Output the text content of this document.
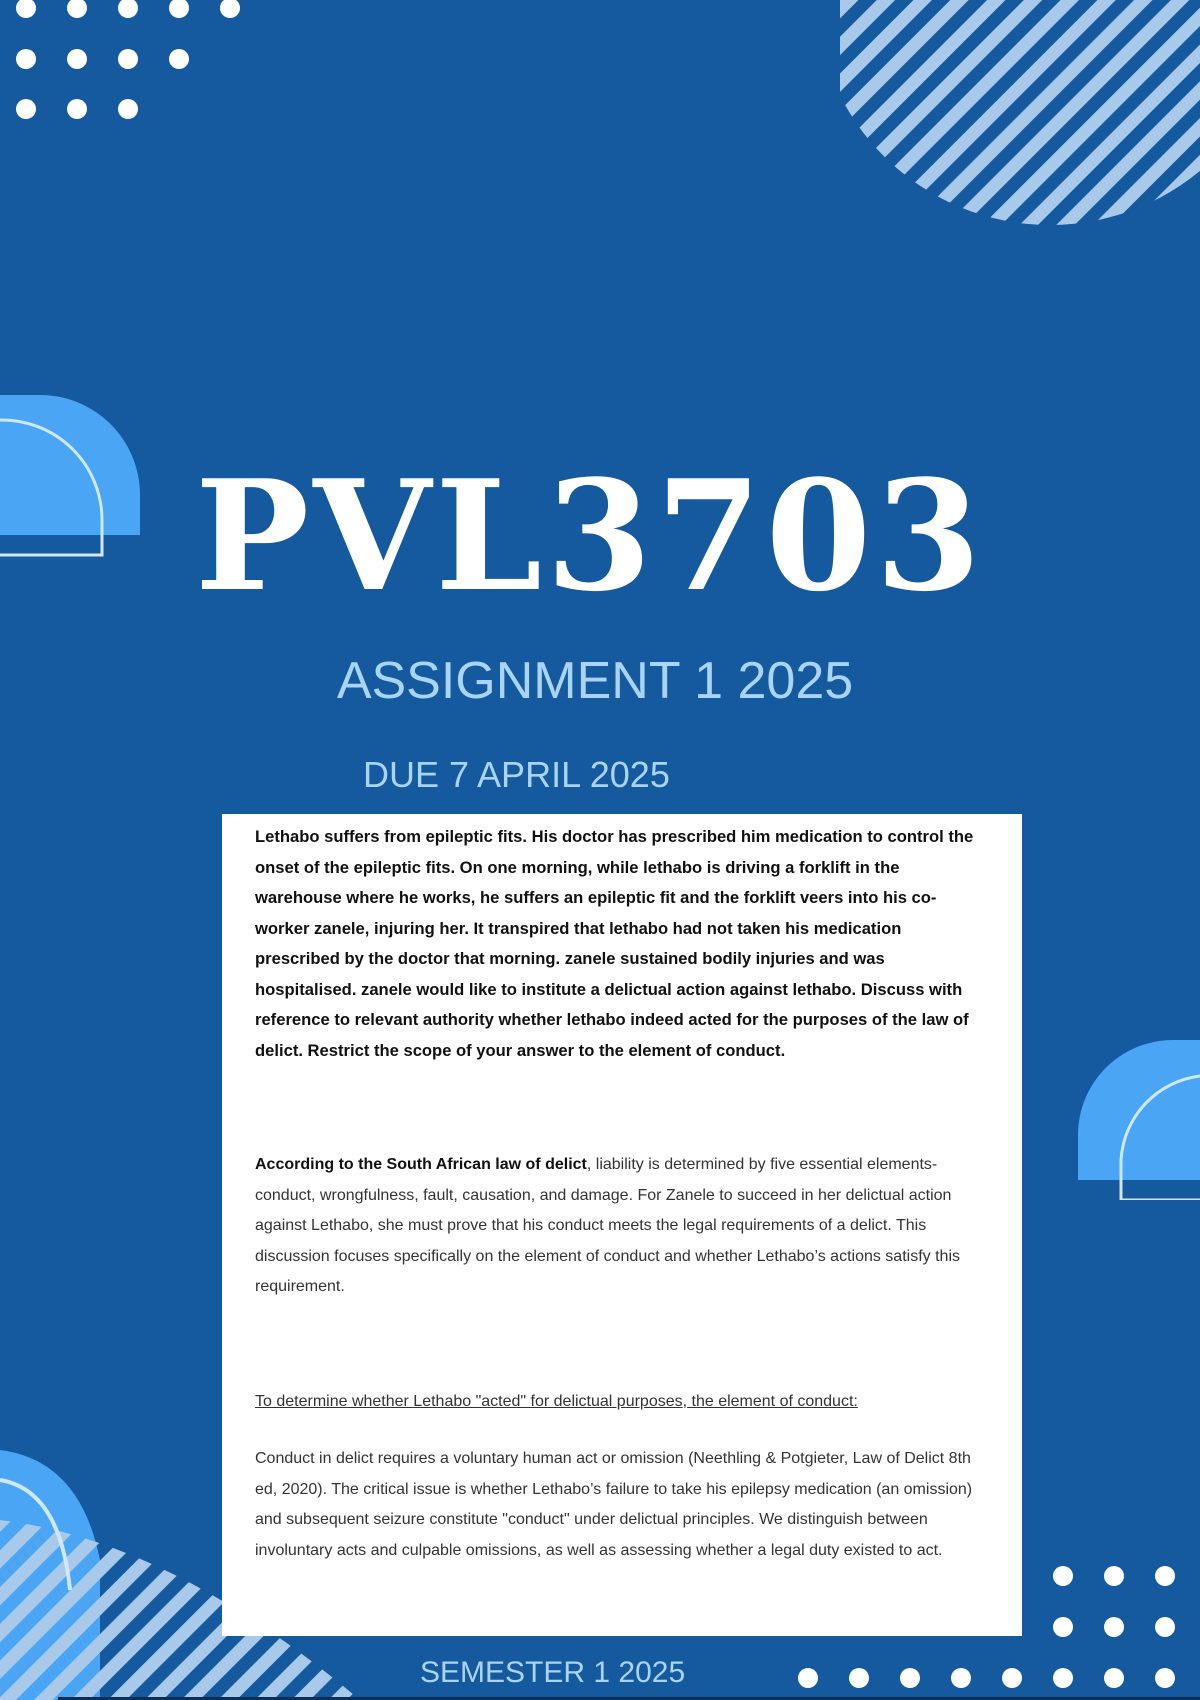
PVL3703
ASSIGNMENT 1 2025
DUE 7 APRIL 2025

Lethabo suffers from epileptic fits. His doctor has prescribed him medication to control the onset of the epileptic fits. On one morning, while lethabo is driving a forklift in the warehouse where he works, he suffers an epileptic fit and the forklift veers into his co-worker zanele, injuring her. It transpired that lethabo had not taken his medication prescribed by the doctor that morning. zanele sustained bodily injuries and was hospitalised. zanele would like to institute a delictual action against lethabo. Discuss with reference to relevant authority whether lethabo indeed acted for the purposes of the law of delict. Restrict the scope of your answer to the element of conduct.

According to the South African law of delict, liability is determined by five essential elements- conduct, wrongfulness, fault, causation, and damage. For Zanele to succeed in her delictual action against Lethabo, she must prove that his conduct meets the legal requirements of a delict. This discussion focuses specifically on the element of conduct and whether Lethabo’s actions satisfy this requirement.

To determine whether Lethabo "acted" for delictual purposes, the element of conduct:

Conduct in delict requires a voluntary human act or omission (Neethling & Potgieter, Law of Delict 8th ed, 2020). The critical issue is whether Lethabo’s failure to take his epilepsy medication (an omission) and subsequent seizure constitute "conduct" under delictual principles. We distinguish between involuntary acts and culpable omissions, as well as assessing whether a legal duty existed to act.

SEMESTER 1 2025
